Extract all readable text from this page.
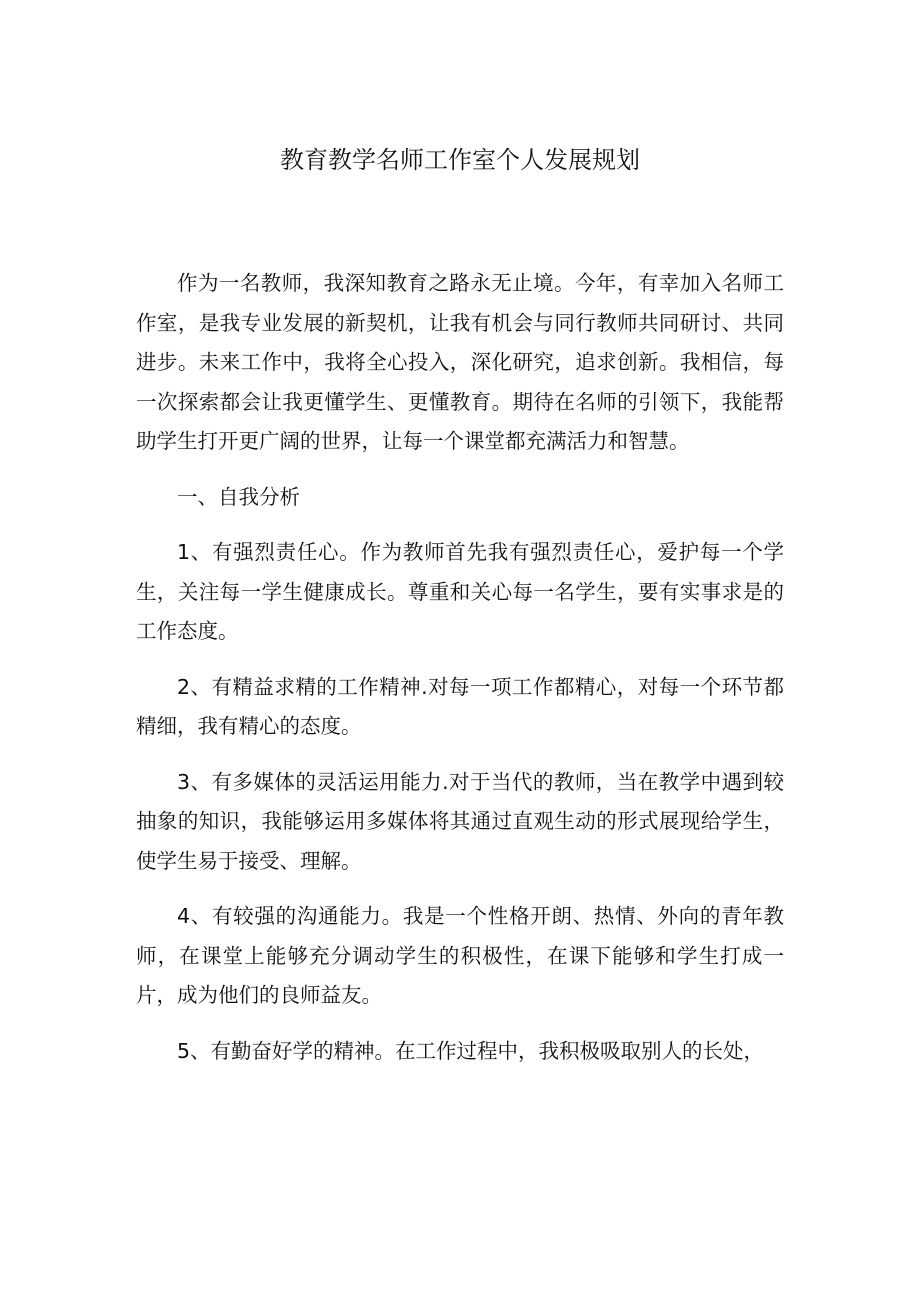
教育教学名师工作室个人发展规划

作为一名教师，我深知教育之路永无止境。今年，有幸加入名师工作室，是我专业发展的新契机，让我有机会与同行教师共同研讨、共同进步。未来工作中，我将全心投入，深化研究，追求创新。我相信，每一次探索都会让我更懂学生、更懂教育。期待在名师的引领下，我能帮助学生打开更广阔的世界，让每一个课堂都充满活力和智慧。

一、自我分析

1、有强烈责任心。作为教师首先我有强烈责任心，爱护每一个学生，关注每一学生健康成长。尊重和关心每一名学生，要有实事求是的工作态度。

2、有精益求精的工作精神.对每一项工作都精心，对每一个环节都精细，我有精心的态度。

3、有多媒体的灵活运用能力.对于当代的教师，当在教学中遇到较抽象的知识，我能够运用多媒体将其通过直观生动的形式展现给学生，使学生易于接受、理解。

4、有较强的沟通能力。我是一个性格开朗、热情、外向的青年教师，在课堂上能够充分调动学生的积极性，在课下能够和学生打成一片，成为他们的良师益友。

5、有勤奋好学的精神。在工作过程中，我积极吸取别人的长处，
